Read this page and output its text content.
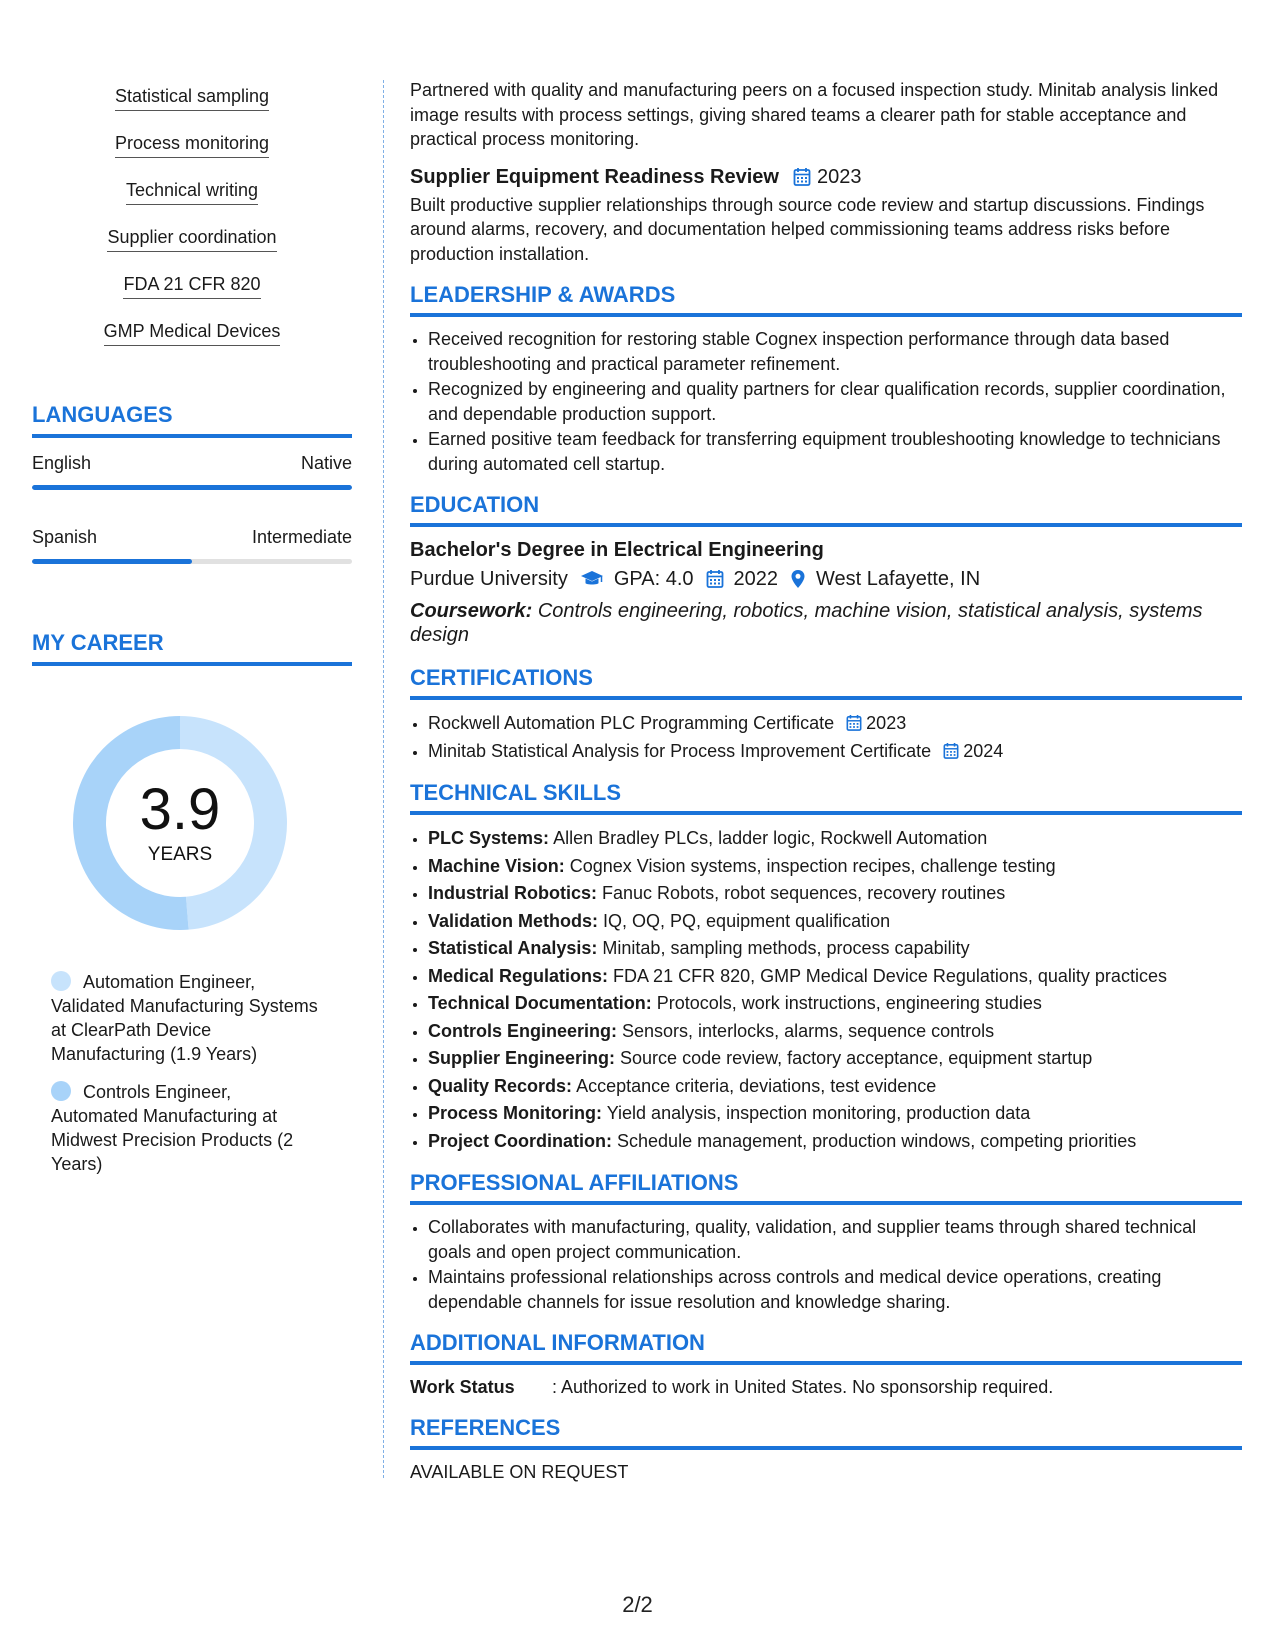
Statistical sampling
Process monitoring
Technical writing
Supplier coordination
FDA 21 CFR 820
GMP Medical Devices
LANGUAGES
English	Native
Spanish	Intermediate
MY CAREER
3.9
YEARS
Automation Engineer, Validated Manufacturing Systems at ClearPath Device Manufacturing (1.9 Years)
Controls Engineer, Automated Manufacturing at Midwest Precision Products (2 Years)

Partnered with quality and manufacturing peers on a focused inspection study. Minitab analysis linked image results with process settings, giving shared teams a clearer path for stable acceptance and practical process monitoring.

Supplier Equipment Readiness Review 2023

Built productive supplier relationships through source code review and startup discussions. Findings around alarms, recovery, and documentation helped commissioning teams address risks before production installation.

LEADERSHIP & AWARDS
• Received recognition for restoring stable Cognex inspection performance through data based troubleshooting and practical parameter refinement.
• Recognized by engineering and quality partners for clear qualification records, supplier coordination, and dependable production support.
• Earned positive team feedback for transferring equipment troubleshooting knowledge to technicians during automated cell startup.
EDUCATION

Bachelor's Degree in Electrical Engineering

Purdue University GPA: 4.0 2022 West Lafayette, IN
Coursework: Controls engineering, robotics, machine vision, statistical analysis, systems design
CERTIFICATIONS
• Rockwell Automation PLC Programming Certificate 2023
• Minitab Statistical Analysis for Process Improvement Certificate 2024
TECHNICAL SKILLS
• PLC Systems: Allen Bradley PLCs, ladder logic, Rockwell Automation
• Machine Vision: Cognex Vision systems, inspection recipes, challenge testing
• Industrial Robotics: Fanuc Robots, robot sequences, recovery routines
• Validation Methods: IQ, OQ, PQ, equipment qualification
• Statistical Analysis: Minitab, sampling methods, process capability
• Medical Regulations: FDA 21 CFR 820, GMP Medical Device Regulations, quality practices
• Technical Documentation: Protocols, work instructions, engineering studies
• Controls Engineering: Sensors, interlocks, alarms, sequence controls
• Supplier Engineering: Source code review, factory acceptance, equipment startup
• Quality Records: Acceptance criteria, deviations, test evidence
• Process Monitoring: Yield analysis, inspection monitoring, production data
• Project Coordination: Schedule management, production windows, competing priorities
PROFESSIONAL AFFILIATIONS
• Collaborates with manufacturing, quality, validation, and supplier teams through shared technical goals and open project communication.
• Maintains professional relationships across controls and medical device operations, creating dependable channels for issue resolution and knowledge sharing.
ADDITIONAL INFORMATION
Work Status	: Authorized to work in United States. No sponsorship required.
REFERENCES
AVAILABLE ON REQUEST
2/2
